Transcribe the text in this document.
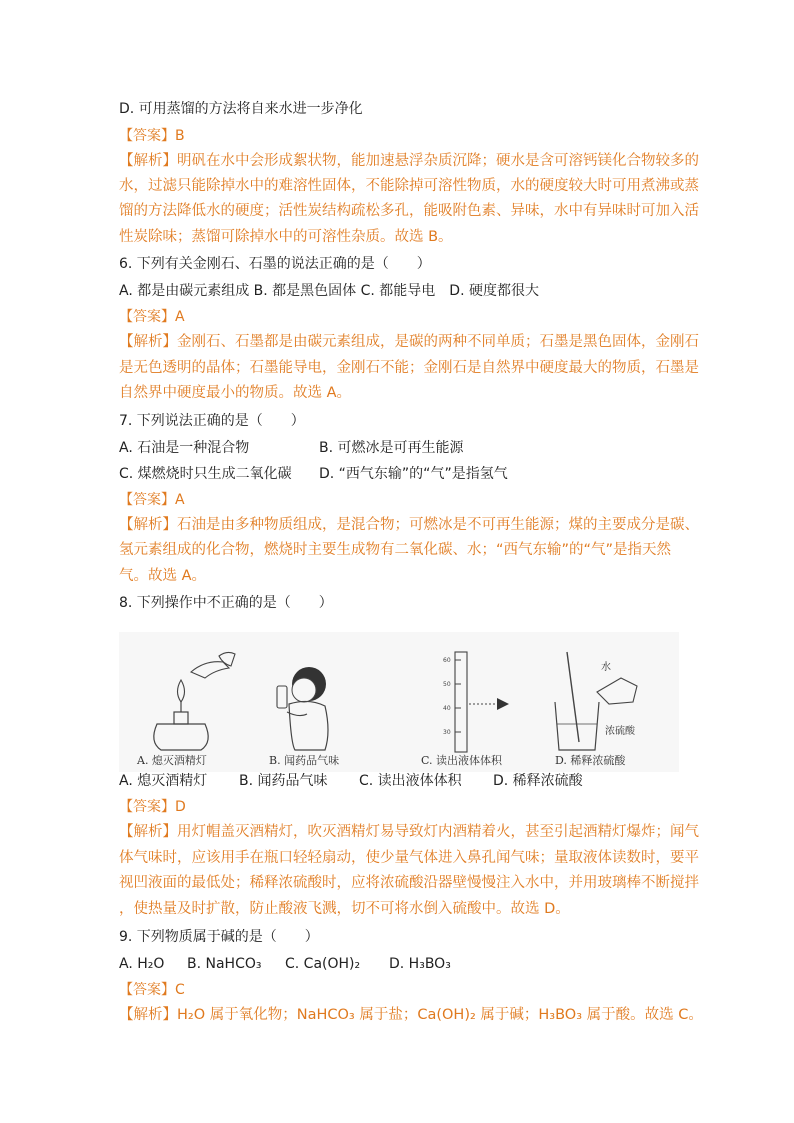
D. 可用蒸馏的方法将自来水进一步净化
【答案】B
【解析】明矾在水中会形成絮状物，能加速悬浮杂质沉降；硬水是含可溶钙镁化合物较多的
水，过滤只能除掉水中的难溶性固体，不能除掉可溶性物质，水的硬度较大时可用煮沸或蒸
馏的方法降低水的硬度；活性炭结构疏松多孔，能吸附色素、异味，水中有异味时可加入活
性炭除味；蒸馏可除掉水中的可溶性杂质。故选 B。
6. 下列有关金刚石、石墨的说法正确的是（　　）
A. 都是由碳元素组成 B. 都是黑色固体 C. 都能导电　D. 硬度都很大
【答案】A
【解析】金刚石、石墨都是由碳元素组成，是碳的两种不同单质；石墨是黑色固体，金刚石
是无色透明的晶体；石墨能导电，金刚石不能；金刚石是自然界中硬度最大的物质，石墨是
自然界中硬度最小的物质。故选 A。
7. 下列说法正确的是（　　）
A. 石油是一种混合物	B. 可燃冰是可再生能源
C. 煤燃烧时只生成二氧化碳 D. “西气东输”的“气”是指氢气
【答案】A
【解析】石油是由多种物质组成，是混合物；可燃冰是不可再生能源；煤的主要成分是碳、
氢元素组成的化合物，燃烧时主要生成物有二氧化碳、水；“西气东输”的“气”是指天然
气。故选 A。
8. 下列操作中不正确的是（　　）
A. 熄灭酒精灯	B. 闻药品气味
60
50
40
30
C. 读出液体体积
水
浓硫酸
D. 稀释浓硫酸
A. 熄灭酒精灯 B. 闻药品气味 C. 读出液体体积 D. 稀释浓硫酸
【答案】D
【解析】用灯帽盖灭酒精灯，吹灭酒精灯易导致灯内酒精着火，甚至引起酒精灯爆炸；闻气
体气味时，应该用手在瓶口轻轻扇动，使少量气体进入鼻孔闻气味；量取液体读数时，要平
视凹液面的最低处；稀释浓硫酸时，应将浓硫酸沿器壁慢慢注入水中，并用玻璃棒不断搅拌
，使热量及时扩散，防止酸液飞溅，切不可将水倒入硫酸中。故选 D。
9. 下列物质属于碱的是（　　）
A. H₂O B. NaHCO₃ C. Ca(OH)₂ D. H₃BO₃
【答案】C
【解析】H₂O 属于氧化物；NaHCO₃ 属于盐；Ca(OH)₂ 属于碱；H₃BO₃ 属于酸。故选 C。
